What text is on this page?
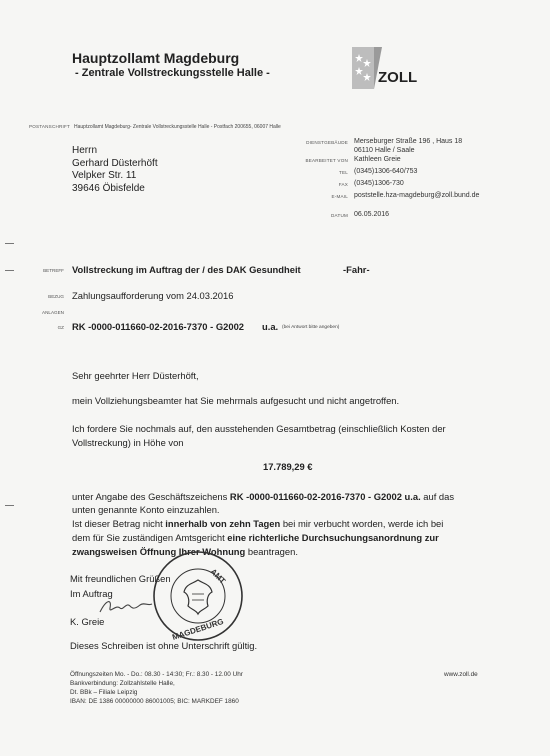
Hauptzollamt Magdeburg
- Zentrale Vollstreckungsstelle Halle -	ZOLL
POSTANSCHRIFT Hauptzollamt Magdeburg- Zentrale Vollstreckungsstelle Halle - Postfach 200655, 06007 Halle
Herrn
Gerhard Düsterhöft
Velpker Str. 11
39646 Öbisfelde
DIENSTGEBÄUDE Merseburger Straße 196 , Haus 18
06110 Halle / Saale
BEARBEITET VON Kathleen Greie
TEL (0345)1306-640/753
FAX (0345)1306-730
E-MAIL poststelle.hza-magdeburg@zoll.bund.de
DATUM 06.05.2016
BETREFF Vollstreckung im Auftrag der / des DAK Gesundheit	-Fahr-
BEZUG Zahlungsaufforderung vom 24.03.2016
ANLAGEN
GZ RK -0000-011660-02-2016-7370 - G2002 u.a. (bei Antwort bitte angeben)
Sehr geehrter Herr Düsterhöft,
mein Vollziehungsbeamter hat Sie mehrmals aufgesucht und nicht angetroffen.
Ich fordere Sie nochmals auf, den ausstehenden Gesamtbetrag (einschließlich Kosten der
Vollstreckung) in Höhe von
17.789,29 €
unter Angabe des Geschäftszeichens RK -0000-011660-02-2016-7370 - G2002 u.a. auf das
unten genannte Konto einzuzahlen.
Ist dieser Betrag nicht innerhalb von zehn Tagen bei mir verbucht worden, werde ich bei
dem für Sie zuständigen Amtsgericht eine richterliche Durchsuchungsanordnung zur
zwangsweisen Öffnung Ihrer Wohnung beantragen.
AMT
MAGDEBURG
Mit freundlichen Grüßen
Im Auftrag
K. Greie
Dieses Schreiben ist ohne Unterschrift gültig.
Öffnungszeiten Mo. - Do.: 08.30 - 14:30; Fr.: 8.30 - 12.00 Uhr
Bankverbindung: Zollzahlstelle Halle,
Dt. BBk – Filiale Leipzig
IBAN: DE 1386 00000000 86001005; BIC: MARKDEF 1860
www.zoll.de
